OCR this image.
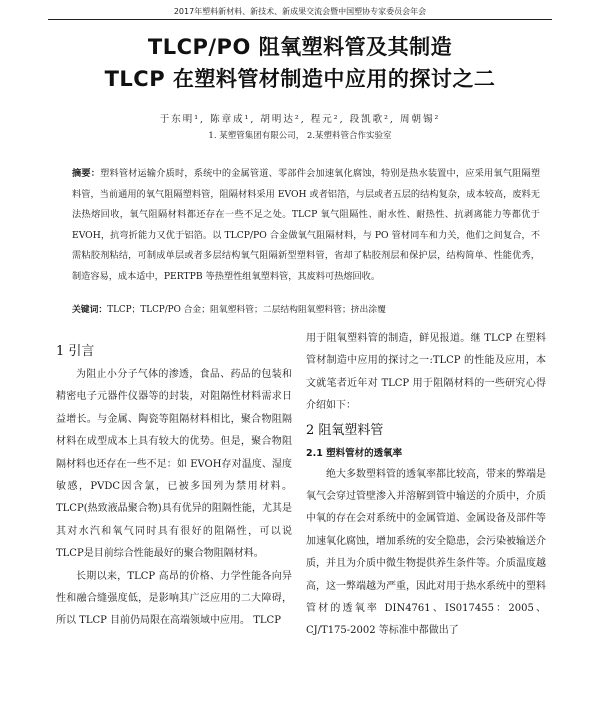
2017年塑料新材料、新技术、新成果交流会暨中国塑协专家委员会年会
TLCP/PO 阻氧塑料管及其制造
TLCP 在塑料管材制造中应用的探讨之二
于东明¹, 陈章成¹, 胡明达², 程元², 段凯歌², 周朝锡²
1. 某塑管集团有限公司， 2.某塑料管合作实验室
摘要：塑料管材运输介质时，系统中的金属管道、零部件会加速氧化腐蚀，特别是热水装置中，应采用氧气阻隔塑料管，当前通用的氧气阻隔塑料管，阻隔材料采用 EVOH 或者铝箔，与层或者五层的结构复杂，成本较高，废料无法热熔回收，氧气阻隔材料都还存在一些不足之处。TLCP 氧气阻隔性、耐水性、耐热性、抗剥离能力等都优于 EVOH，抗弯折能力又优于铝箔。以 TLCP/PO 合金做氧气阻隔材料，与 PO 管材同车和力关，他们之间复合，不需粘胶剂粘结，可制成单层或者多层结构氧气阻隔新型塑料管，省却了粘胶剂层和保护层，结构简单、性能优秀，制造容易，成本适中，PERTPB 等热塑性组氧塑料管，其废料可热熔回收。
关键词：TLCP；TLCP/PO 合金；阻氧塑料管；二层结构阻氧塑料管；挤出涂覆
1 引言

为阻止小分子气体的渗透，食品、药品的包装和精密电子元器件仪器等的封装，对阻隔性材料需求日益增长。与金属、陶瓷等阻隔材料相比，聚合物阻隔材料在成型成本上具有较大的优势。但是，聚合物阻隔材料也还存在一些不足：如 EVOH存对温度、湿度敏感，PVDC因含氯，已被多国列为禁用材料。TLCP(热致液晶聚合物)具有优异的阻隔性能，尤其是其对水汽和氧气同时具有很好的阻隔性，可以说TLCP是目前综合性能最好的聚合物阻隔材料。

长期以来，TLCP 高昂的价格、力学性能各向异性和融合缝强度低，是影响其广泛应用的二大障碍，所以 TLCP 目前仍局限在高端领域中应用。 TLCP

用于阻氧塑料管的制造，鲜见报道。继 TLCP 在塑料管材制造中应用的探讨之一:TLCP 的性能及应用，本文就笔者近年对 TLCP 用于阻隔材料的一些研究心得介绍如下：

2 阻氧塑料管
2.1 塑料管材的透氧率

绝大多数塑料管的透氧率都比较高，带来的弊端是氧气会穿过管壁渗入并溶解到管中输送的介质中，介质中氧的存在会对系统中的金属管道、金属设备及部件等加速氧化腐蚀，增加系统的安全隐患，会污染被输送介质，并且为介质中微生物提供养生条件等。介质温度越高，这一弊端越为严重，因此对用于热水系统中的塑料管材的透氧率 DIN4761、IS017455：2005、CJ/T175-2002 等标准中都做出了
